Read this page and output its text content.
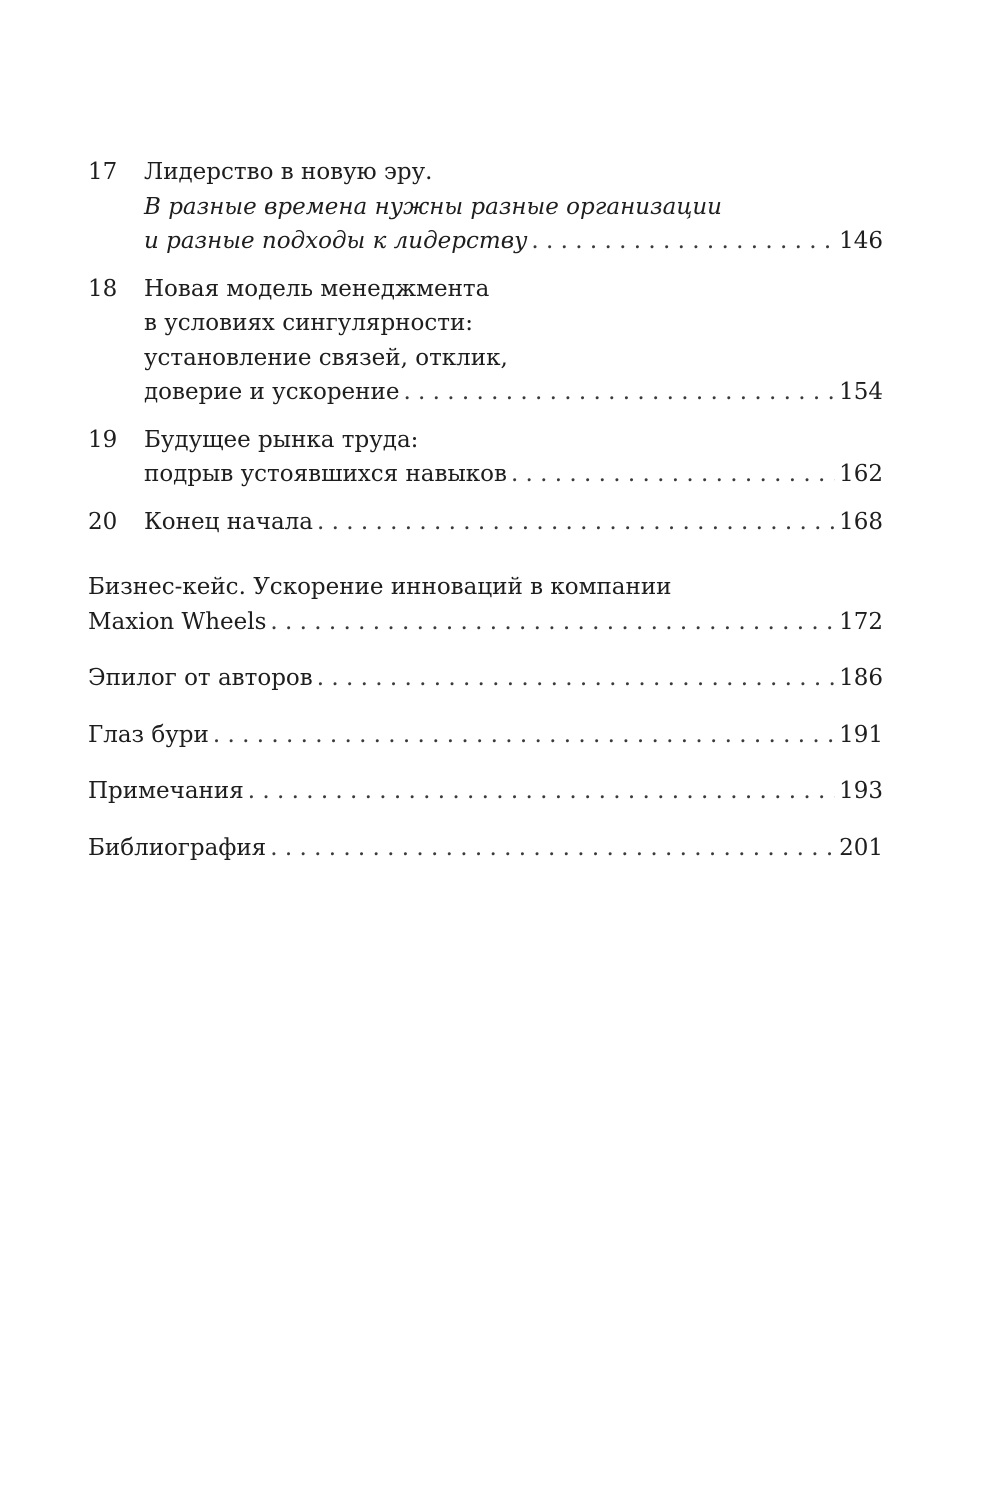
17	Лидерство в новую эру.
В разные времена нужны разные организации
и разные подходы к лидерству . . .	146
18	Новая модель менеджмента
в условиях сингулярности:
установление связей, отклик,
доверие и ускорение . . .	154
19	Будущее рынка труда:
подрыв устоявшихся навыков . . .	162
20	Конец начала . . .	168
Бизнес-кейс. Ускорение инноваций в компании
Maxion Wheels . . .	172
Эпилог от авторов . . .	186
Глаз бури . . .	191
Примечания . . .	193
Библиография . . .	201
